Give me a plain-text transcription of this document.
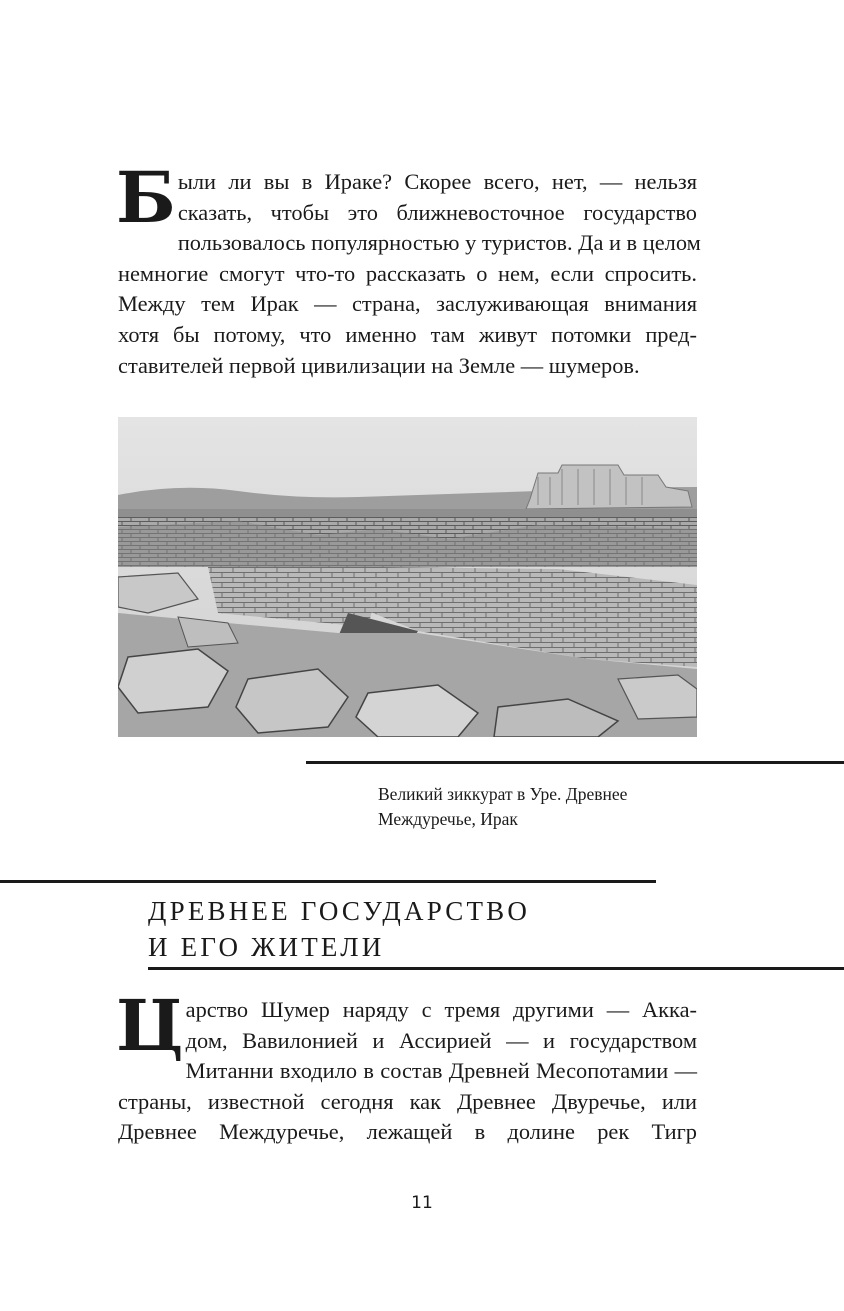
Б ыли ли вы в Ираке? Скорее всего, нет, — нельзя
сказать, чтобы это ближневосточное государство
пользовалось популярностью у туристов. Да и в целом
немногие смогут что-то рассказать о нем, если спросить.
Между тем Ирак — страна, заслуживающая внимания
хотя бы потому, что именно там живут потомки пред-
ставителей первой цивилизации на Земле — шумеров.
Великий зиккурат в Уре. Древнее
Междуречье, Ирак
ДРЕВНЕЕ ГОСУДАРСТВО
И ЕГО ЖИТЕЛИ
Ц арство Шумер наряду с тремя другими — Акка-
дом, Вавилонией и Ассирией — и государством
Митанни входило в состав Древней Месопотамии —
страны, известной сегодня как Древнее Двуречье, или
Древнее Междуречье, лежащей в долине рек Тигр
11
